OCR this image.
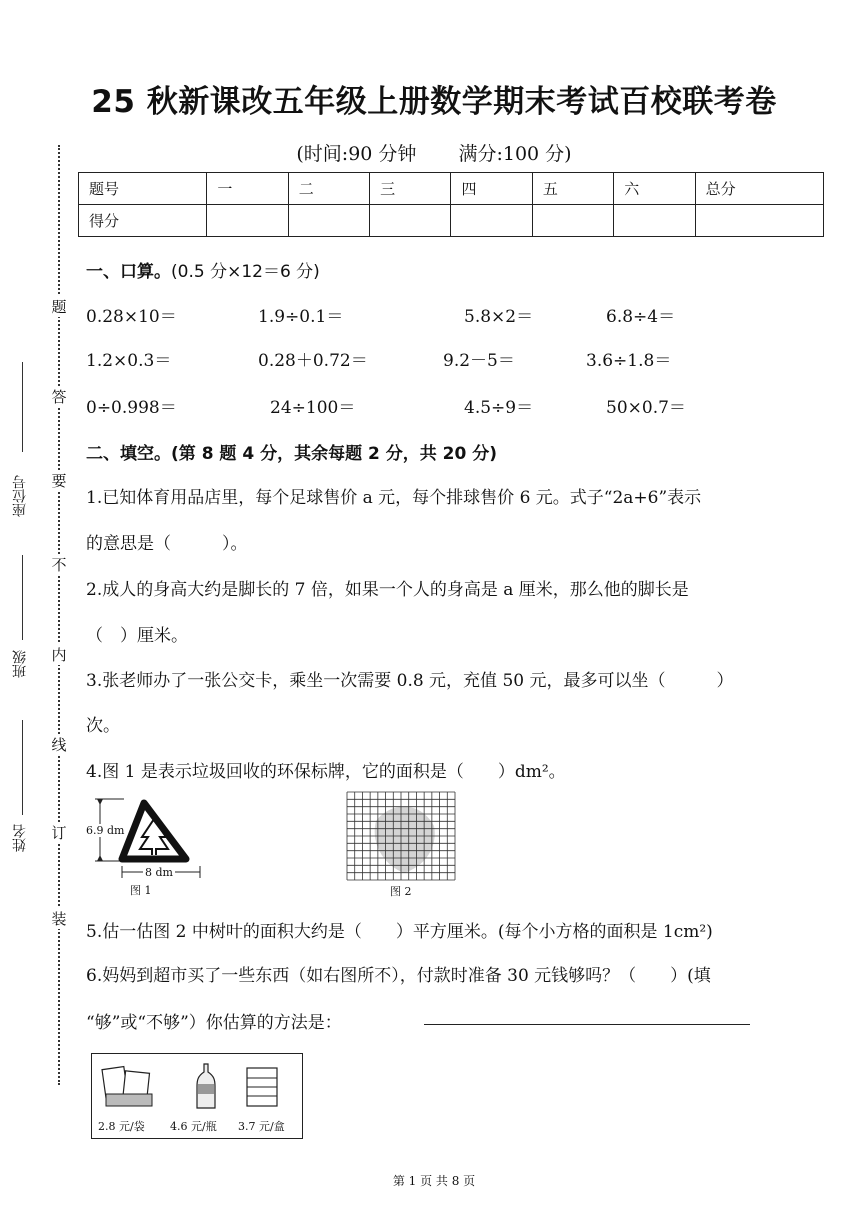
题
答
要
不
内
线
订
装
座位号
班级
姓名
25 秋新课改五年级上册数学期末考试百校联考卷
(时间:90 分钟 满分:100 分)
题号	一	二	三	四	五	六	总分
得分							
一、口算。(0.5 分×12＝6 分)
0.28×10＝	1.9÷0.1＝	5.8×2＝	6.8÷4＝
1.2×0.3＝	0.28＋0.72＝	9.2－5＝	3.6÷1.8＝
0÷0.998＝	24÷100＝	4.5÷9＝	50×0.7＝
二、填空。(第 8 题 4 分，其余每题 2 分，共 20 分)
1.已知体育用品店里，每个足球售价 a 元，每个排球售价 6 元。式子“2a+6”表示
的意思是（　　　）。
2.成人的身高大约是脚长的 7 倍，如果一个人的身高是 a 厘米，那么他的脚长是
（　）厘米。
3.张老师办了一张公交卡，乘坐一次需要 0.8 元，充值 50 元，最多可以坐（　　　）
次。
4.图 1 是表示垃圾回收的环保标牌，它的面积是（　　）dm²。
6.9 dm
8 dm
图 1	图 2
5.估一估图 2 中树叶的面积大约是（　　）平方厘米。(每个小方格的面积是 1cm²)
6.妈妈到超市买了一些东西（如右图所不），付款时准备 30 元钱够吗？（　　）(填
“够”或“不够”）你估算的方法是：
2.8 元/袋 4.6 元/瓶 3.7 元/盒
第 1 页 共 8 页
